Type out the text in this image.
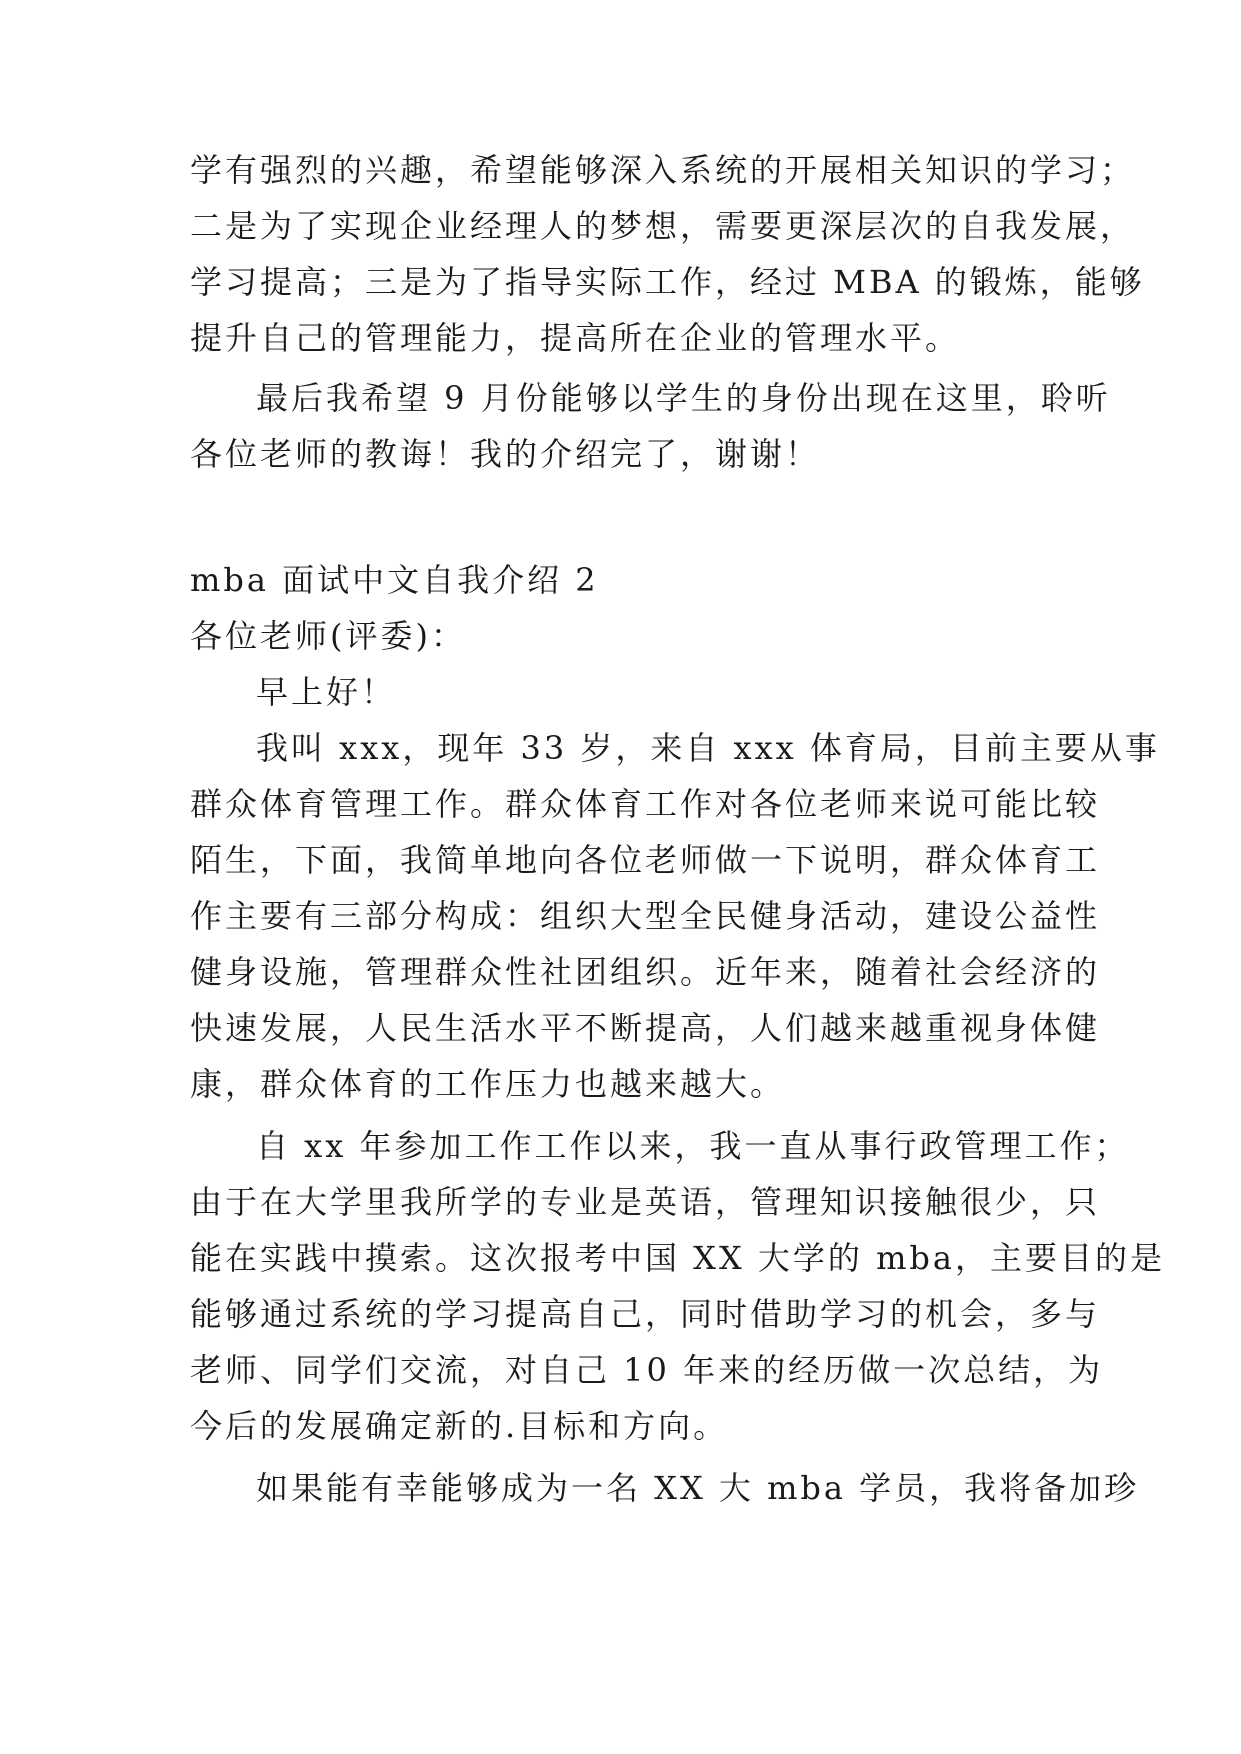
学有强烈的兴趣，希望能够深入系统的开展相关知识的学习；
二是为了实现企业经理人的梦想，需要更深层次的自我发展，
学习提高；三是为了指导实际工作，经过 MBA 的锻炼，能够
提升自己的管理能力，提高所在企业的管理水平。
最后我希望 9 月份能够以学生的身份出现在这里，聆听
各位老师的教诲！我的介绍完了，谢谢！
mba 面试中文自我介绍 2
各位老师(评委)：
早上好！
我叫 xxx，现年 33 岁，来自 xxx 体育局，目前主要从事
群众体育管理工作。群众体育工作对各位老师来说可能比较
陌生，下面，我简单地向各位老师做一下说明，群众体育工
作主要有三部分构成：组织大型全民健身活动，建设公益性
健身设施，管理群众性社团组织。近年来，随着社会经济的
快速发展，人民生活水平不断提高，人们越来越重视身体健
康，群众体育的工作压力也越来越大。
自 xx 年参加工作工作以来，我一直从事行政管理工作；
由于在大学里我所学的专业是英语，管理知识接触很少，只
能在实践中摸索。这次报考中国 XX 大学的 mba，主要目的是
能够通过系统的学习提高自己，同时借助学习的机会，多与
老师、同学们交流，对自己 10 年来的经历做一次总结，为
今后的发展确定新的.目标和方向。
如果能有幸能够成为一名 XX 大 mba 学员，我将备加珍
